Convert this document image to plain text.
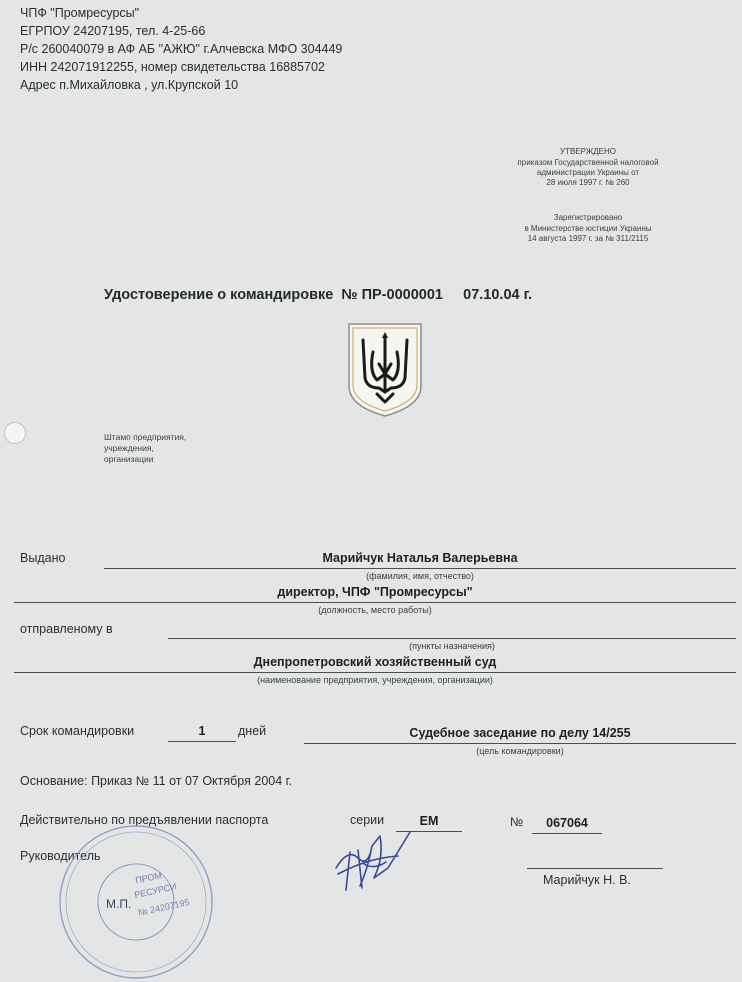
ЧПФ "Промресурсы"
ЕГРПОУ 24207195, тел. 4-25-66
Р/с 260040079 в АФ АБ "АЖЮ" г.Алчевска МФО 304449
ИНН 242071912255, номер свидетельства 16885702
Адрес п.Михайловка , ул.Крупской 10
УТВЕРЖДЕНО
приказом Государственной налоговой
администрации Украины от
28 июля 1997 г. № 260
Зарегистрировано
в Министерстве юстиции Украины
14 августа 1997 г. за № 311/2115
Удостоверение о командировке № ПР-0000001 07.10.04 г.
Штамп предприятия,
учреждения,
организации
Выдано	Марийчук Наталья Валерьевна
(фамилия, имя, отчество)
директор, ЧПФ "Промресурсы"
(должность, место работы)
отправленому в
(пункты назначения)
Днепропетровский хозяйственный суд
(наименование предприятия, учреждения, организации)
Срок командировки	1	дней	Судебное заседание по делу 14/255
(цель командировки)
Основание: Приказ № 11 от 07 Октября 2004 г.
Действительно по предъявлении паспорта	серии	ЕМ	№	067064
Руководитель
Марийчук Н. В.
ПРОМ
РЕСУРСИ
№ 24207195
М.П.
